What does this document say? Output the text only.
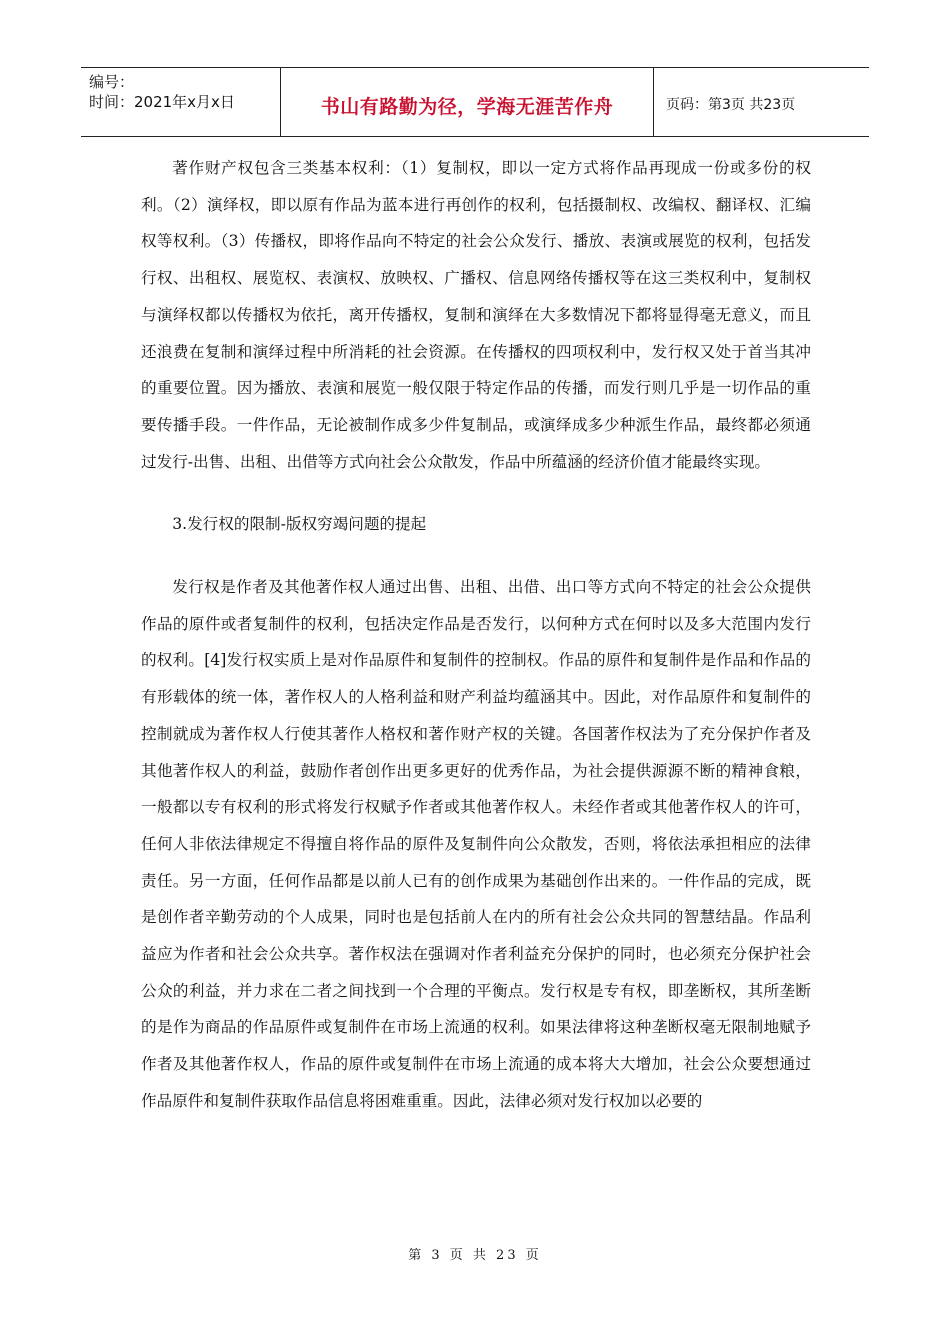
编号：
时间：2021年x月x日	书山有路勤为径，学海无涯苦作舟	页码：第3页 共23页

著作财产权包含三类基本权利：（1）复制权，即以一定方式将作品再现成一份或多份的权利。（2）演绎权，即以原有作品为蓝本进行再创作的权利，包括摄制权、改编权、翻译权、汇编权等权利。（3）传播权，即将作品向不特定的社会公众发行、播放、表演或展览的权利，包括发行权、出租权、展览权、表演权、放映权、广播权、信息网络传播权等在这三类权利中，复制权与演绎权都以传播权为依托，离开传播权，复制和演绎在大多数情况下都将显得毫无意义，而且还浪费在复制和演绎过程中所消耗的社会资源。在传播权的四项权利中，发行权又处于首当其冲的重要位置。因为播放、表演和展览一般仅限于特定作品的传播，而发行则几乎是一切作品的重要传播手段。一件作品，无论被制作成多少件复制品，或演绎成多少种派生作品，最终都必须通过发行-出售、出租、出借等方式向社会公众散发，作品中所蕴涵的经济价值才能最终实现。

3.发行权的限制-版权穷竭问题的提起

发行权是作者及其他著作权人通过出售、出租、出借、出口等方式向不特定的社会公众提供作品的原件或者复制件的权利，包括决定作品是否发行，以何种方式在何时以及多大范围内发行的权利。[4]发行权实质上是对作品原件和复制件的控制权。作品的原件和复制件是作品和作品的有形载体的统一体，著作权人的人格利益和财产利益均蕴涵其中。因此，对作品原件和复制件的控制就成为著作权人行使其著作人格权和著作财产权的关键。各国著作权法为了充分保护作者及其他著作权人的利益，鼓励作者创作出更多更好的优秀作品，为社会提供源源不断的精神食粮，一般都以专有权利的形式将发行权赋予作者或其他著作权人。未经作者或其他著作权人的许可，任何人非依法律规定不得擅自将作品的原件及复制件向公众散发，否则，将依法承担相应的法律责任。另一方面，任何作品都是以前人已有的创作成果为基础创作出来的。一件作品的完成，既是创作者辛勤劳动的个人成果，同时也是包括前人在内的所有社会公众共同的智慧结晶。作品利益应为作者和社会公众共享。著作权法在强调对作者利益充分保护的同时，也必须充分保护社会公众的利益，并力求在二者之间找到一个合理的平衡点。发行权是专有权，即垄断权，其所垄断的是作为商品的作品原件或复制件在市场上流通的权利。如果法律将这种垄断权毫无限制地赋予作者及其他著作权人，作品的原件或复制件在市场上流通的成本将大大增加，社会公众要想通过作品原件和复制件获取作品信息将困难重重。因此，法律必须对发行权加以必要的

第 3 页 共 23 页
